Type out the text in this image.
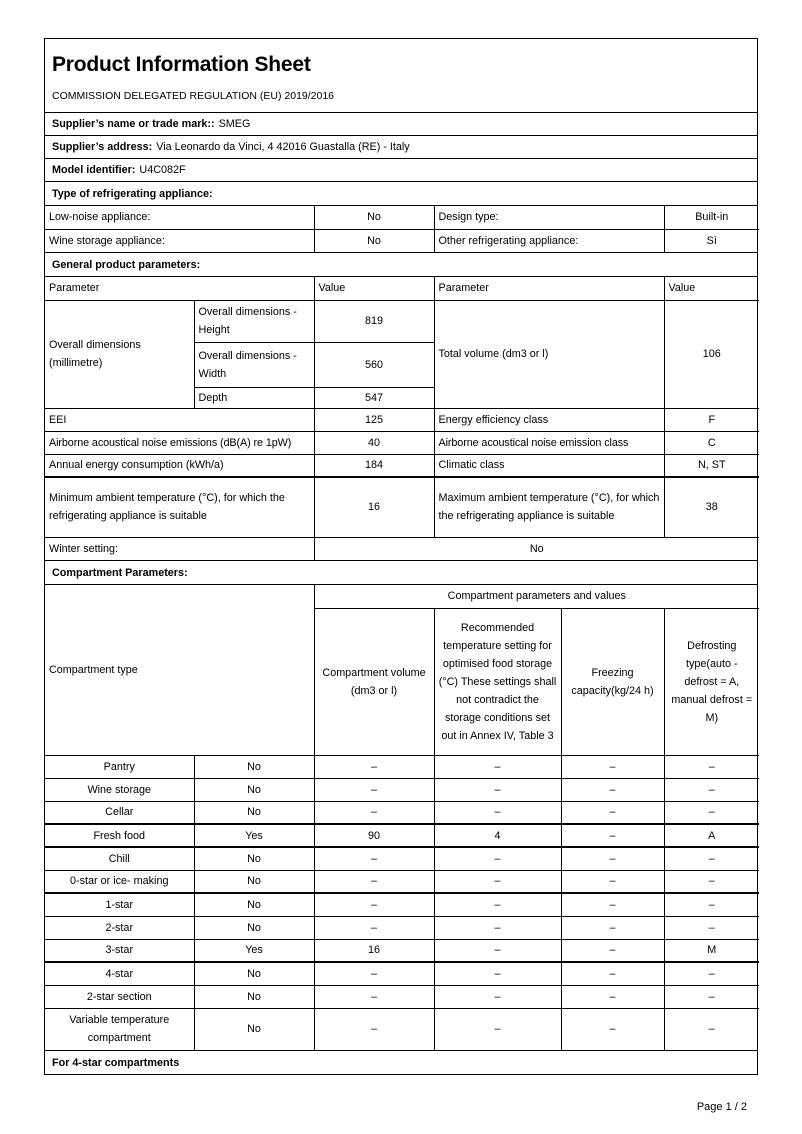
Product Information Sheet
COMMISSION DELEGATED REGULATION (EU) 2019/2016
Supplier’s name or trade mark:: SMEG
Supplier’s address: Via Leonardo da Vinci, 4 42016 Guastalla (RE) - Italy
Model identifier: U4C082F
Type of refrigerating appliance:
Low-noise appliance:	No	Design type:	Built-in
Wine storage appliance:	No	Other refrigerating appliance:	Sì
General product parameters:
Parameter		Value	Parameter	Value
Overall dimensions (millimetre)	Overall dimensions - Height	819	Total volume (dm3 or l)	106
	Overall dimensions - Width	560		
	Depth	547		
EEI		125	Energy efficiency class	F
Airborne acoustical noise emissions (dB(A) re 1pW)		40	Airborne acoustical noise emission class	C
Annual energy consumption (kWh/a)		184	Climatic class	N, ST
Minimum ambient temperature (°C), for which the refrigerating appliance is suitable		16	Maximum ambient temperature (°C), for which the refrigerating appliance is suitable	38
Winter setting:		No		
Compartment Parameters:
Compartment type		Compartment parameters and values			
		Compartment volume (dm3 or l)	Recommended temperature setting for optimised food storage (°C) These settings shall not contradict the storage conditions set out in Annex IV, Table 3	Freezing capacity(kg/24 h)	Defrosting type(auto - defrost = A, manual defrost = M)
Pantry	No	–	–	–	–
Wine storage	No	–	–	–	–
Cellar	No	–	–	–	–
Fresh food	Yes	90	4	–	A
Chill	No	–	–	–	–
0-star or ice- making	No	–	–	–	–
1-star	No	–	–	–	–
2-star	No	–	–	–	–
3-star	Yes	16	–	–	M
4-star	No	–	–	–	–
2-star section	No	–	–	–	–
Variable temperature compartment	No	–	–	–	–
For 4-star compartments
Page 1 / 2
